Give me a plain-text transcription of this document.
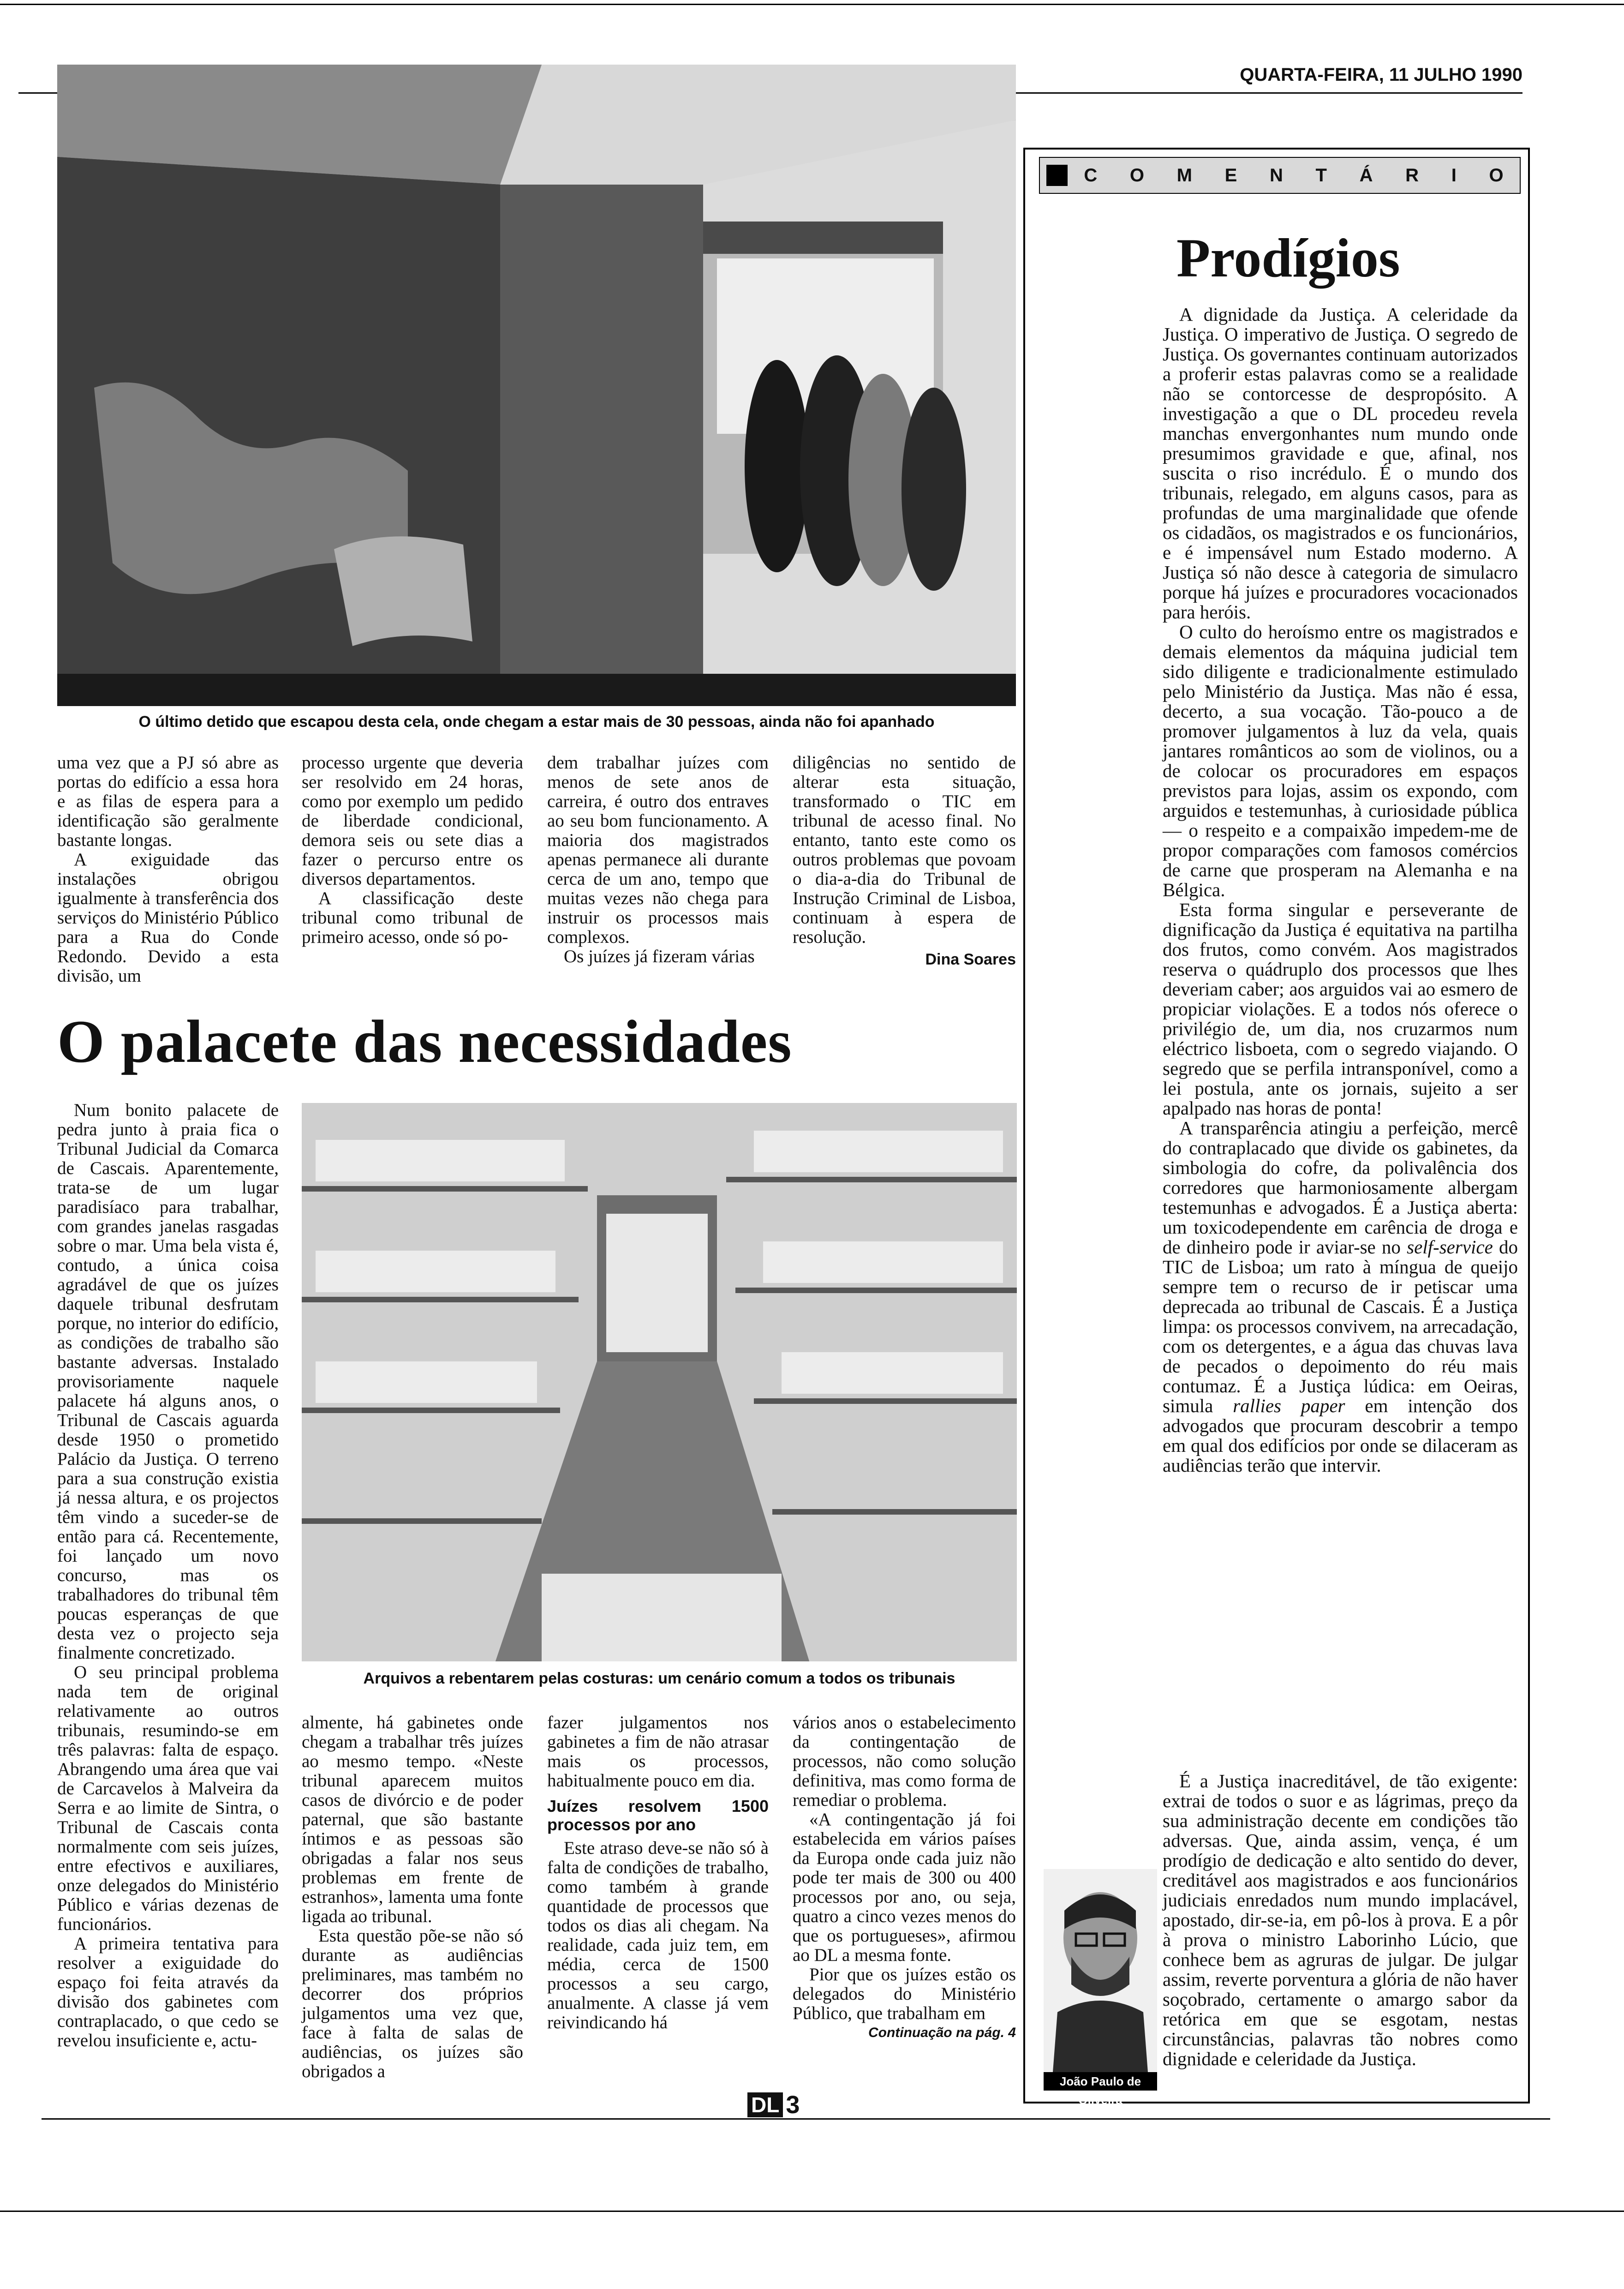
QUARTA-FEIRA, 11 JULHO 1990
O último detido que escapou desta cela, onde chegam a estar mais de 30 pessoas, ainda não foi apanhado

uma vez que a PJ só abre as portas do edifício a essa hora e as filas de espera para a identificação são geralmente bastante longas.

A exiguidade das instalações obrigou igualmente à transferência dos serviços do Ministério Público para a Rua do Conde Redondo. Devido a esta divisão, um

processo urgente que deveria ser resolvido em 24 horas, como por exemplo um pedido de liberdade condicional, demora seis ou sete dias a fazer o percurso entre os diversos departamentos.

A classificação deste tribunal como tribunal de primeiro acesso, onde só po-

dem trabalhar juízes com menos de sete anos de carreira, é outro dos entraves ao seu bom funcionamento. A maioria dos magistrados apenas permanece ali durante cerca de um ano, tempo que muitas vezes não chega para instruir os processos mais complexos.

Os juízes já fizeram várias

diligências no sentido de alterar esta situação, transformado o TIC em tribunal de acesso final. No entanto, tanto este como os outros problemas que povoam o dia-a-dia do Tribunal de Instrução Criminal de Lisboa, continuam à espera de resolução.

Dina Soares
O palacete das necessidades

Num bonito palacete de pedra junto à praia fica o Tribunal Judicial da Comarca de Cascais. Aparentemente, trata-se de um lugar paradisíaco para trabalhar, com grandes janelas rasgadas sobre o mar. Uma bela vista é, contudo, a única coisa agradável de que os juízes daquele tribunal desfrutam porque, no interior do edifício, as condições de trabalho são bastante adversas. Instalado provisoriamente naquele palacete há alguns anos, o Tribunal de Cascais aguarda desde 1950 o prometido Palácio da Justiça. O terreno para a sua construção existia já nessa altura, e os projectos têm vindo a suceder-se de então para cá. Recentemente, foi lançado um novo concurso, mas os trabalhadores do tribunal têm poucas esperanças de que desta vez o projecto seja finalmente concretizado.

O seu principal problema nada tem de original relativamente ao outros tribunais, resumindo-se em três palavras: falta de espaço. Abrangendo uma área que vai de Carcavelos à Malveira da Serra e ao limite de Sintra, o Tribunal de Cascais conta normalmente com seis juízes, entre efectivos e auxiliares, onze delegados do Ministério Público e várias dezenas de funcionários.

A primeira tentativa para resolver a exiguidade do espaço foi feita através da divisão dos gabinetes com contraplacado, o que cedo se revelou insuficiente e, actu-

Arquivos a rebentarem pelas costuras: um cenário comum a todos os tribunais

almente, há gabinetes onde chegam a trabalhar três juízes ao mesmo tempo. «Neste tribunal aparecem muitos casos de divórcio e de poder paternal, que são bastante íntimos e as pessoas são obrigadas a falar nos seus problemas em frente de estranhos», lamenta uma fonte ligada ao tribunal.

Esta questão põe-se não só durante as audiências preliminares, mas também no decorrer dos próprios julgamentos uma vez que, face à falta de salas de audiências, os juízes são obrigados a

fazer julgamentos nos gabinetes a fim de não atrasar mais os processos, habitualmente pouco em dia.

Juízes resolvem 1500 processos por ano

Este atraso deve-se não só à falta de condições de trabalho, como também à grande quantidade de processos que todos os dias ali chegam. Na realidade, cada juiz tem, em média, cerca de 1500 processos a seu cargo, anualmente. A classe já vem reivindicando há

vários anos o estabelecimento da contingentação de processos, não como solução definitiva, mas como forma de remediar o problema.

«A contingentação já foi estabelecida em vários países da Europa onde cada juiz não pode ter mais de 300 ou 400 processos por ano, ou seja, quatro a cinco vezes menos do que os portugueses», afirmou ao DL a mesma fonte.

Pior que os juízes estão os delegados do Ministério Público, que trabalham em

Continuação na pág. 4
C O M E N T Á R I O
Prodígios

A dignidade da Justiça. A celeridade da Justiça. O imperativo de Justiça. O segredo de Justiça. Os governantes continuam autorizados a proferir estas palavras como se a realidade não se contorcesse de despropósito. A investigação a que o DL procedeu revela manchas envergonhantes num mundo onde presumimos gravidade e que, afinal, nos suscita o riso incrédulo. É o mundo dos tribunais, relegado, em alguns casos, para as profundas de uma marginalidade que ofende os cidadãos, os magistrados e os funcionários, e é impensável num Estado moderno. A Justiça só não desce à categoria de simulacro porque há juízes e procuradores vocacionados para heróis.

O culto do heroísmo entre os magistrados e demais elementos da máquina judicial tem sido diligente e tradicionalmente estimulado pelo Ministério da Justiça. Mas não é essa, decerto, a sua vocação. Tão-pouco a de promover julgamentos à luz da vela, quais jantares românticos ao som de violinos, ou a de colocar os procuradores em espaços previstos para lojas, assim os expondo, com arguidos e testemunhas, à curiosidade pública — o respeito e a compaixão impedem-me de propor comparações com famosos comércios de carne que prosperam na Alemanha e na Bélgica.

Esta forma singular e perseverante de dignificação da Justiça é equitativa na partilha dos frutos, como convém. Aos magistrados reserva o quádruplo dos processos que lhes deveriam caber; aos arguidos vai ao esmero de propiciar violações. E a todos nós oferece o privilégio de, um dia, nos cruzarmos num eléctrico lisboeta, com o segredo viajando. O segredo que se perfila intransponível, como a lei postula, ante os jornais, sujeito a ser apalpado nas horas de ponta!

A transparência atingiu a perfeição, mercê do contraplacado que divide os gabinetes, da simbologia do cofre, da polivalência dos corredores que harmoniosamente albergam testemunhas e advogados. É a Justiça aberta: um toxicodependente em carência de droga e de dinheiro pode ir aviar-se no self-service do TIC de Lisboa; um rato à míngua de queijo sempre tem o recurso de ir petiscar uma deprecada ao tribunal de Cascais. É a Justiça limpa: os processos convivem, na arrecadação, com os detergentes, e a água das chuvas lava de pecados o depoimento do réu mais contumaz. É a Justiça lúdica: em Oeiras, simula rallies paper em intenção dos advogados que procuram descobrir a tempo em qual dos edifícios por onde se dilaceram as audiências terão que intervir.

É a Justiça inacreditável, de tão exigente: extrai de todos o suor e as lágrimas, preço da sua administração decente em condições tão adversas. Que, ainda assim, vença, é um prodígio de dedicação e alto sentido do dever, creditável aos magistrados e aos funcionários judiciais enredados num mundo implacável, apostado, dir-se-ia, em pô-los à prova. E a pôr à prova o ministro Laborinho Lúcio, que conhece bem as agruras de julgar. De julgar assim, reverte porventura a glória de não haver soçobrado, certamente o amargo sabor da retórica em que se esgotam, nestas circunstâncias, palavras tão nobres como dignidade e celeridade da Justiça.

João Paulo de Oliveira
DL 3
